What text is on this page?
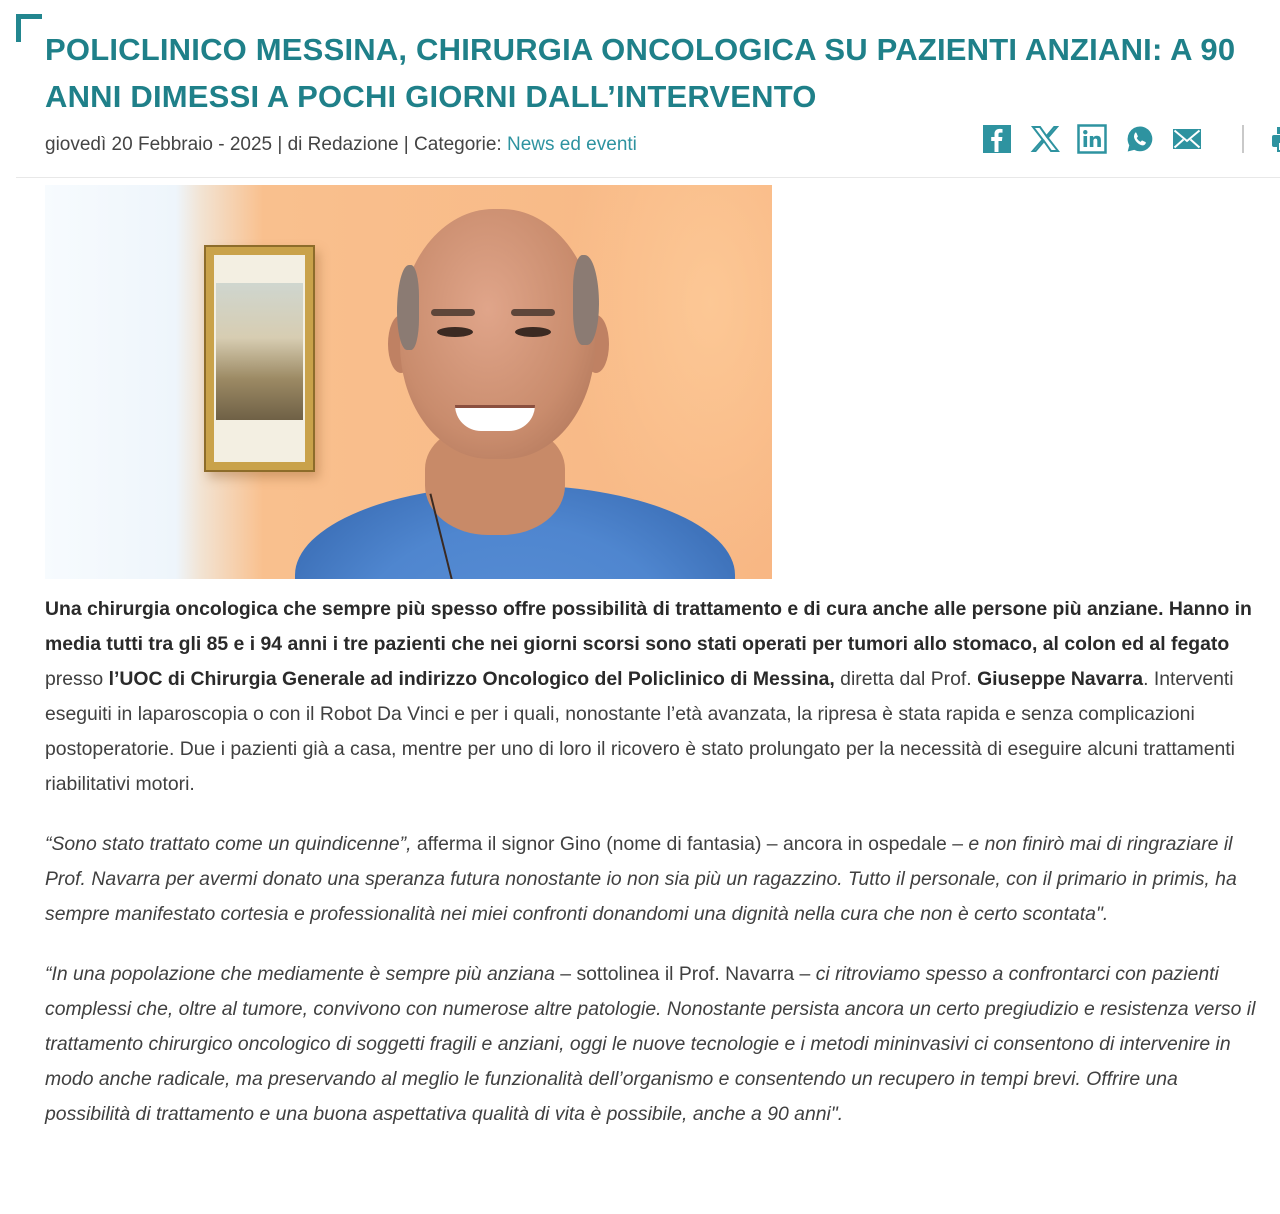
POLICLINICO MESSINA, CHIRURGIA ONCOLOGICA SU PAZIENTI ANZIANI: A 90 ANNI DIMESSI A POCHI GIORNI DALL’INTERVENTO
giovedì 20 Febbraio - 2025 | di Redazione | Categorie: News ed eventi

Una chirurgia oncologica che sempre più spesso offre possibilità di trattamento e di cura anche alle persone più anziane. Hanno in media tutti tra gli 85 e i 94 anni i tre pazienti che nei giorni scorsi sono stati operati per tumori allo stomaco, al colon ed al fegato presso l’UOC di Chirurgia Generale ad indirizzo Oncologico del Policlinico di Messina, diretta dal Prof. Giuseppe Navarra. Interventi eseguiti in laparoscopia o con il Robot Da Vinci e per i quali, nonostante l’età avanzata, la ripresa è stata rapida e senza complicazioni postoperatorie. Due i pazienti già a casa, mentre per uno di loro il ricovero è stato prolungato per la necessità di eseguire alcuni trattamenti riabilitativi motori.

“Sono stato trattato come un quindicenne”, afferma il signor Gino (nome di fantasia) – ancora in ospedale – e non finirò mai di ringraziare il Prof. Navarra per avermi donato una speranza futura nonostante io non sia più un ragazzino. Tutto il personale, con il primario in primis, ha sempre manifestato cortesia e professionalità nei miei confronti donandomi una dignità nella cura che non è certo scontata".

“In una popolazione che mediamente è sempre più anziana – sottolinea il Prof. Navarra – ci ritroviamo spesso a confrontarci con pazienti complessi che, oltre al tumore, convivono con numerose altre patologie. Nonostante persista ancora un certo pregiudizio e resistenza verso il trattamento chirurgico oncologico di soggetti fragili e anziani, oggi le nuove tecnologie e i metodi mininvasivi ci consentono di intervenire in modo anche radicale, ma preservando al meglio le funzionalità dell’organismo e consentendo un recupero in tempi brevi. Offrire una possibilità di trattamento e una buona aspettativa qualità di vita è possibile, anche a 90 anni".
